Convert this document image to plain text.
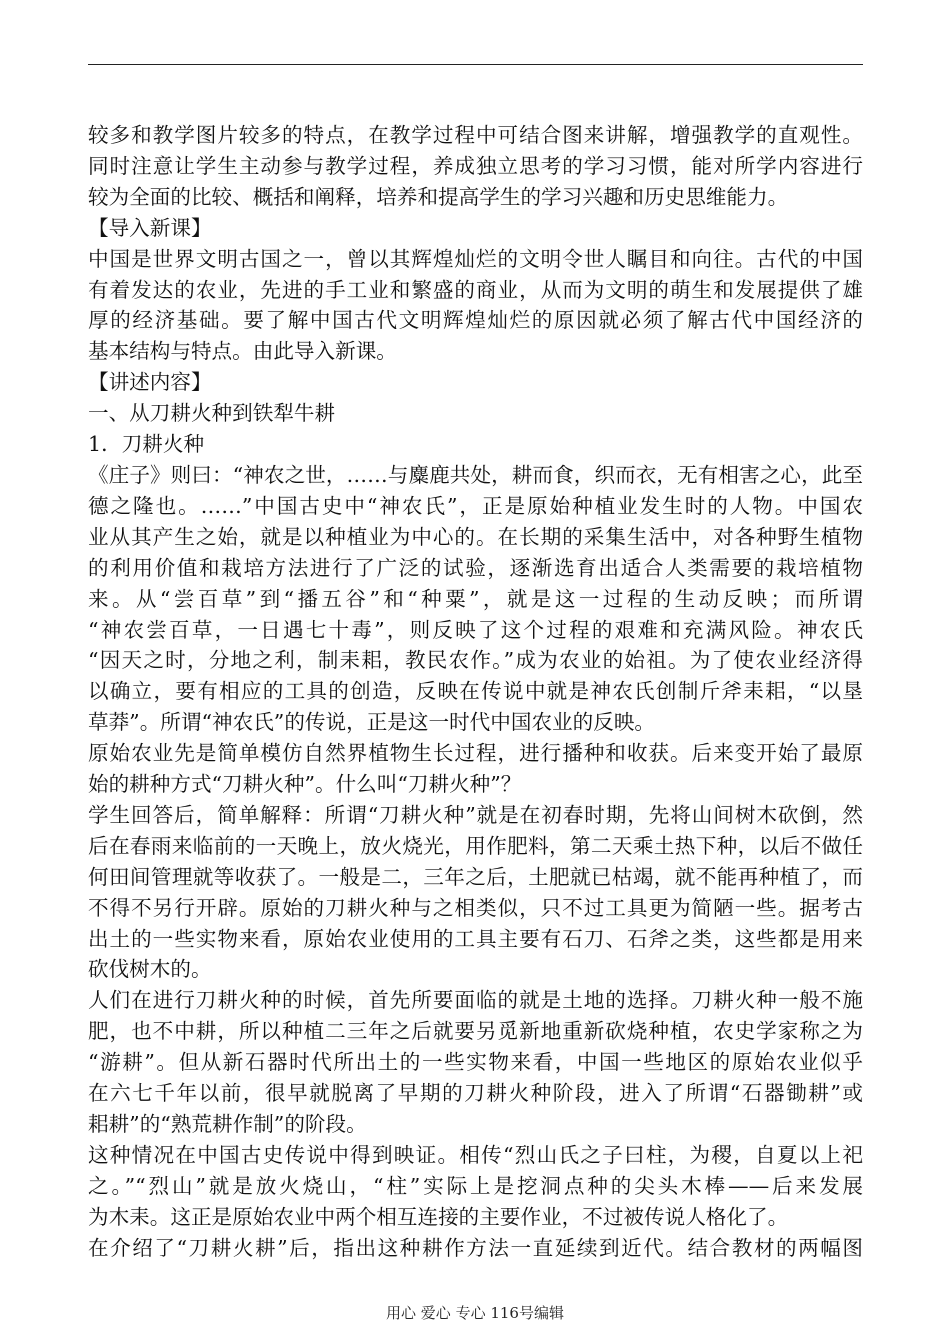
较多和教学图片较多的特点，在教学过程中可结合图来讲解，增强教学的直观性。
同时注意让学生主动参与教学过程，养成独立思考的学习习惯，能对所学内容进行
较为全面的比较、概括和阐释，培养和提高学生的学习兴趣和历史思维能力。
【导入新课】
中国是世界文明古国之一，曾以其辉煌灿烂的文明令世人瞩目和向往。古代的中国
有着发达的农业，先进的手工业和繁盛的商业，从而为文明的萌生和发展提供了雄
厚的经济基础。要了解中国古代文明辉煌灿烂的原因就必须了解古代中国经济的
基本结构与特点。由此导入新课。
【讲述内容】
一、从刀耕火种到铁犁牛耕
1．刀耕火种
《庄子》则曰：“神农之世，……与麋鹿共处，耕而食，织而衣，无有相害之心，此至
德之隆也。……”中国古史中“神农氏”，正是原始种植业发生时的人物。中国农
业从其产生之始，就是以种植业为中心的。在长期的采集生活中，对各种野生植物
的利用价值和栽培方法进行了广泛的试验，逐渐选育出适合人类需要的栽培植物
来。从“尝百草”到“播五谷”和“种粟”，就是这一过程的生动反映；而所谓
“神农尝百草，一日遇七十毒”，则反映了这个过程的艰难和充满风险。神农氏
“因天之时，分地之利，制耒耜，教民农作。”成为农业的始祖。为了使农业经济得
以确立，要有相应的工具的创造，反映在传说中就是神农氏创制斤斧耒耜，“以垦
草莽”。所谓“神农氏”的传说，正是这一时代中国农业的反映。
原始农业先是简单模仿自然界植物生长过程，进行播种和收获。后来变开始了最原
始的耕种方式“刀耕火种”。什么叫“刀耕火种”？
学生回答后，简单解释：所谓“刀耕火种”就是在初春时期，先将山间树木砍倒，然
后在春雨来临前的一天晚上，放火烧光，用作肥料，第二天乘土热下种，以后不做任
何田间管理就等收获了。一般是二，三年之后，土肥就已枯竭，就不能再种植了，而
不得不另行开辟。原始的刀耕火种与之相类似，只不过工具更为简陋一些。据考古
出土的一些实物来看，原始农业使用的工具主要有石刀、石斧之类，这些都是用来
砍伐树木的。
人们在进行刀耕火种的时候，首先所要面临的就是土地的选择。刀耕火种一般不施
肥，也不中耕，所以种植二三年之后就要另觅新地重新砍烧种植，农史学家称之为
“游耕”。但从新石器时代所出土的一些实物来看，中国一些地区的原始农业似乎
在六七千年以前，很早就脱离了早期的刀耕火种阶段，进入了所谓“石器锄耕”或
耜耕”的“熟荒耕作制”的阶段。
这种情况在中国古史传说中得到映证。相传“烈山氏之子曰柱，为稷，自夏以上祀
之。”“烈山”就是放火烧山，“柱”实际上是挖洞点种的尖头木棒——后来发展
为木耒。这正是原始农业中两个相互连接的主要作业，不过被传说人格化了。
在介绍了“刀耕火耕”后，指出这种耕作方法一直延续到近代。结合教材的两幅图
用心 爱心 专心 116号编辑
